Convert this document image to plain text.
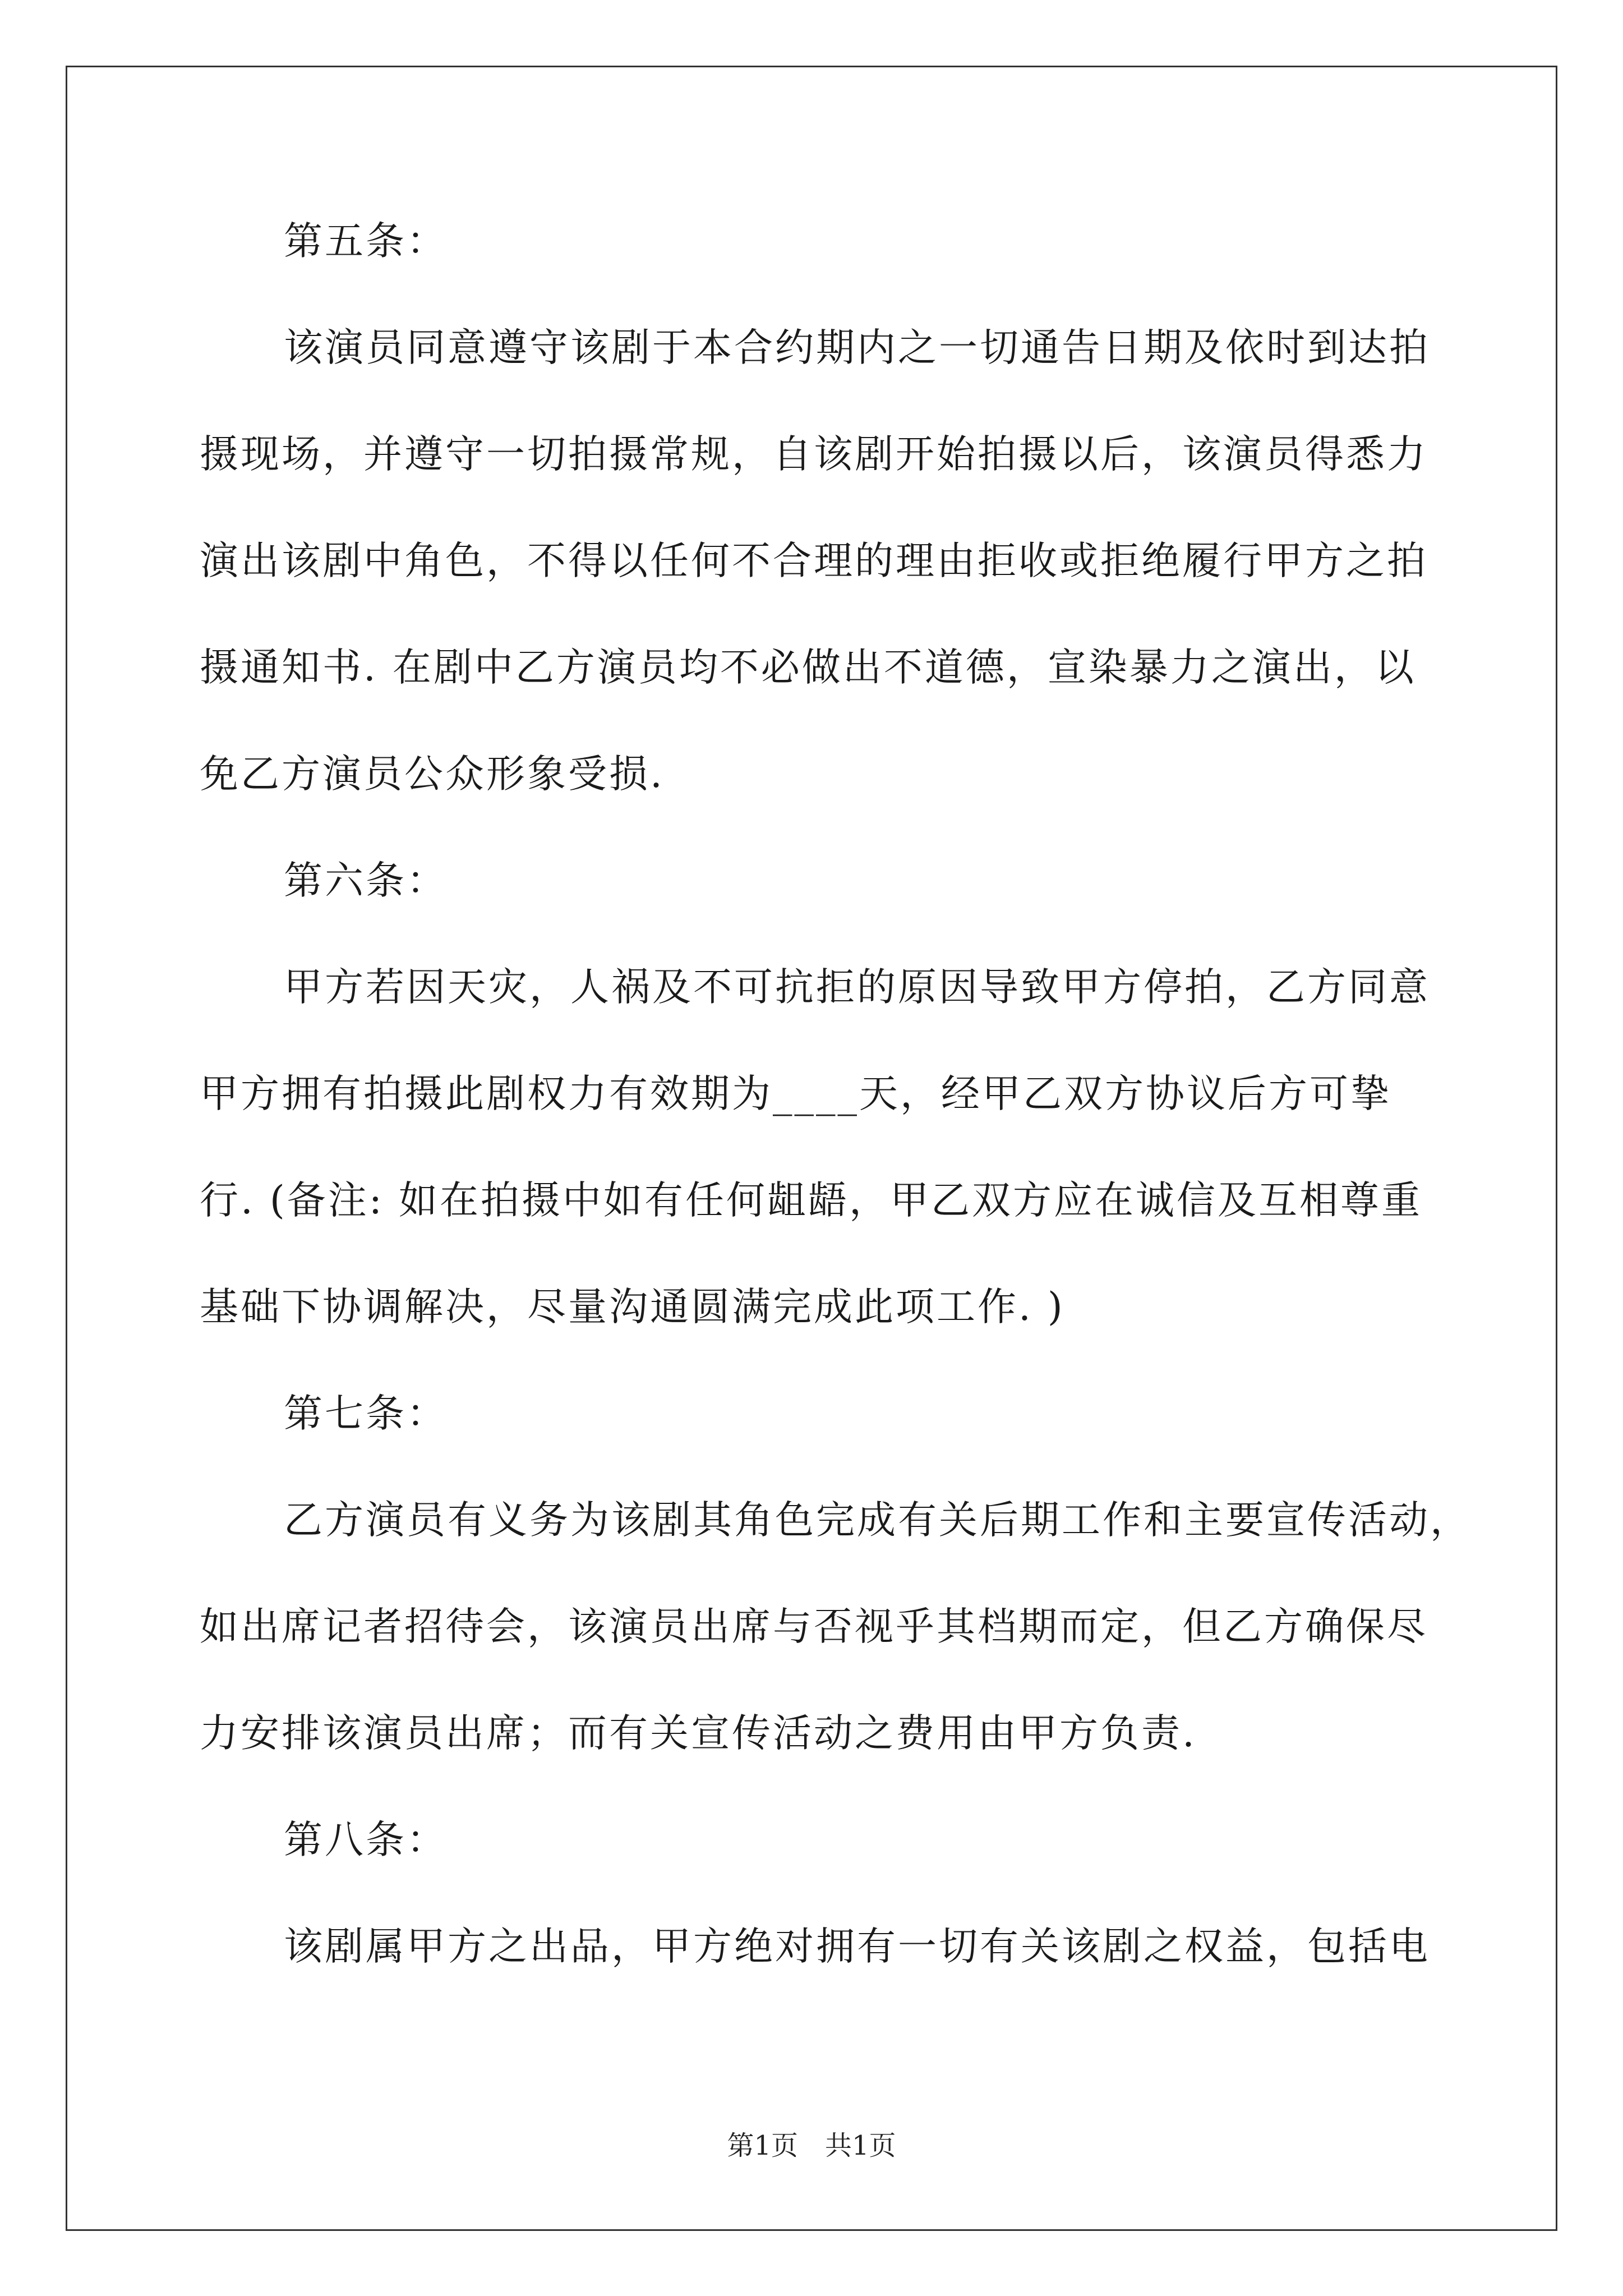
第五条：
该演员同意遵守该剧于本合约期内之一切通告日期及依时到达拍
摄现场，并遵守一切拍摄常规，自该剧开始拍摄以后，该演员得悉力
演出该剧中角色，不得以任何不合理的理由拒收或拒绝履行甲方之拍
摄通知书. 在剧中乙方演员均不必做出不道德，宣染暴力之演出，以
免乙方演员公众形象受损.
第六条：
甲方若因天灾，人祸及不可抗拒的原因导致甲方停拍，乙方同意
甲方拥有拍摄此剧权力有效期为____天，经甲乙双方协议后方可挚
行. (备注: 如在拍摄中如有任何龃龉，甲乙双方应在诚信及互相尊重
基础下协调解决，尽量沟通圆满完成此项工作. )
第七条：
乙方演员有义务为该剧其角色完成有关后期工作和主要宣传活动，
如出席记者招待会，该演员出席与否视乎其档期而定，但乙方确保尽
力安排该演员出席；而有关宣传活动之费用由甲方负责.
第八条：
该剧属甲方之出品，甲方绝对拥有一切有关该剧之权益，包括电
第1页　共1页
